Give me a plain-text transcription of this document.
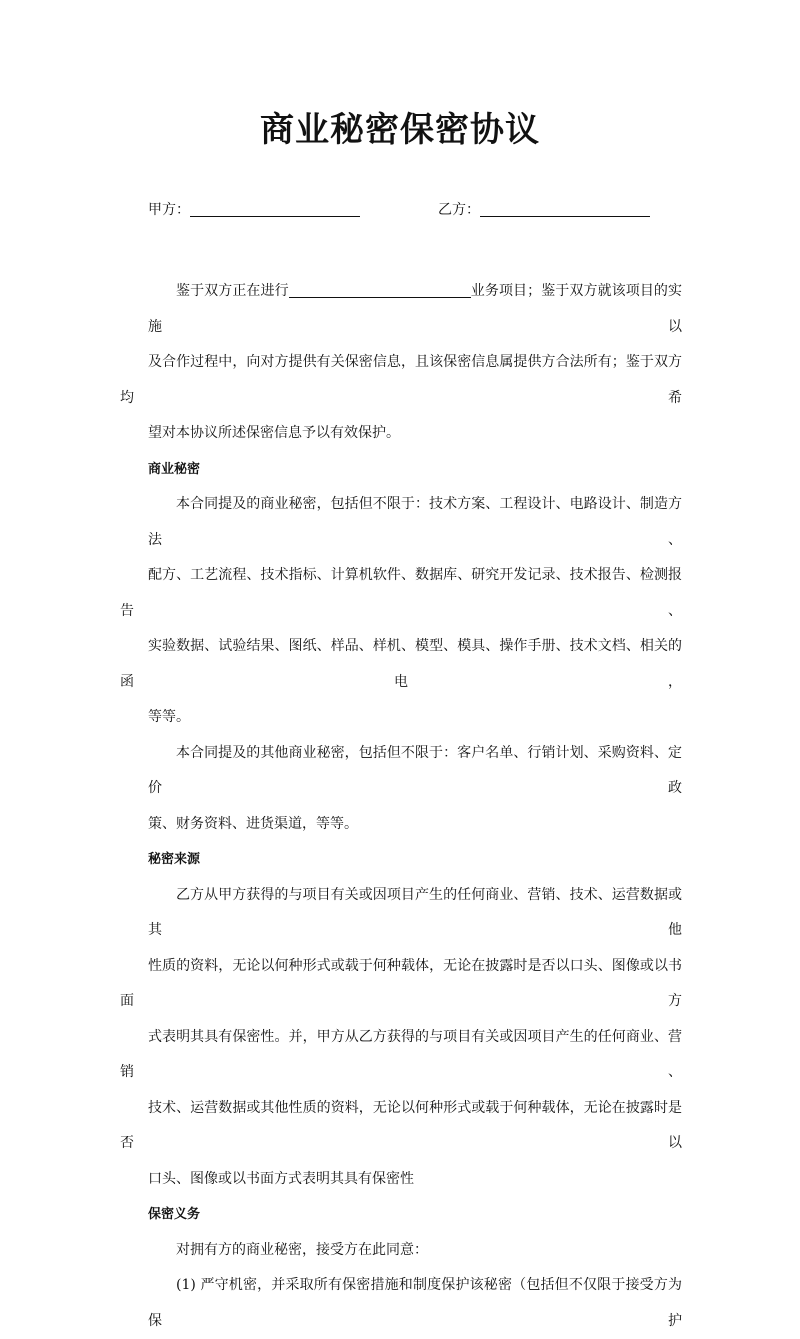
商业秘密保密协议
甲方：	乙方：
鉴于双方正在进行	业务项目；鉴于双方就该项目的实施以
及合作过程中，向对方提供有关保密信息，且该保密信息属提供方合法所有；鉴于双方均希
望对本协议所述保密信息予以有效保护。
商业秘密
本合同提及的商业秘密，包括但不限于：技术方案、工程设计、电路设计、制造方法、
配方、工艺流程、技术指标、计算机软件、数据库、研究开发记录、技术报告、检测报告、
实验数据、试验结果、图纸、样品、样机、模型、模具、操作手册、技术文档、相关的函电，
等等。
本合同提及的其他商业秘密，包括但不限于：客户名单、行销计划、采购资料、定价政
策、财务资料、进货渠道，等等。
秘密来源
乙方从甲方获得的与项目有关或因项目产生的任何商业、营销、技术、运营数据或其他
性质的资料，无论以何种形式或载于何种载体，无论在披露时是否以口头、图像或以书面方
式表明其具有保密性。并，甲方从乙方获得的与项目有关或因项目产生的任何商业、营销、
技术、运营数据或其他性质的资料，无论以何种形式或载于何种载体，无论在披露时是否以
口头、图像或以书面方式表明其具有保密性
保密义务
对拥有方的商业秘密，接受方在此同意：
(1) 严守机密，并采取所有保密措施和制度保护该秘密（包括但不仅限于接受方为保护
